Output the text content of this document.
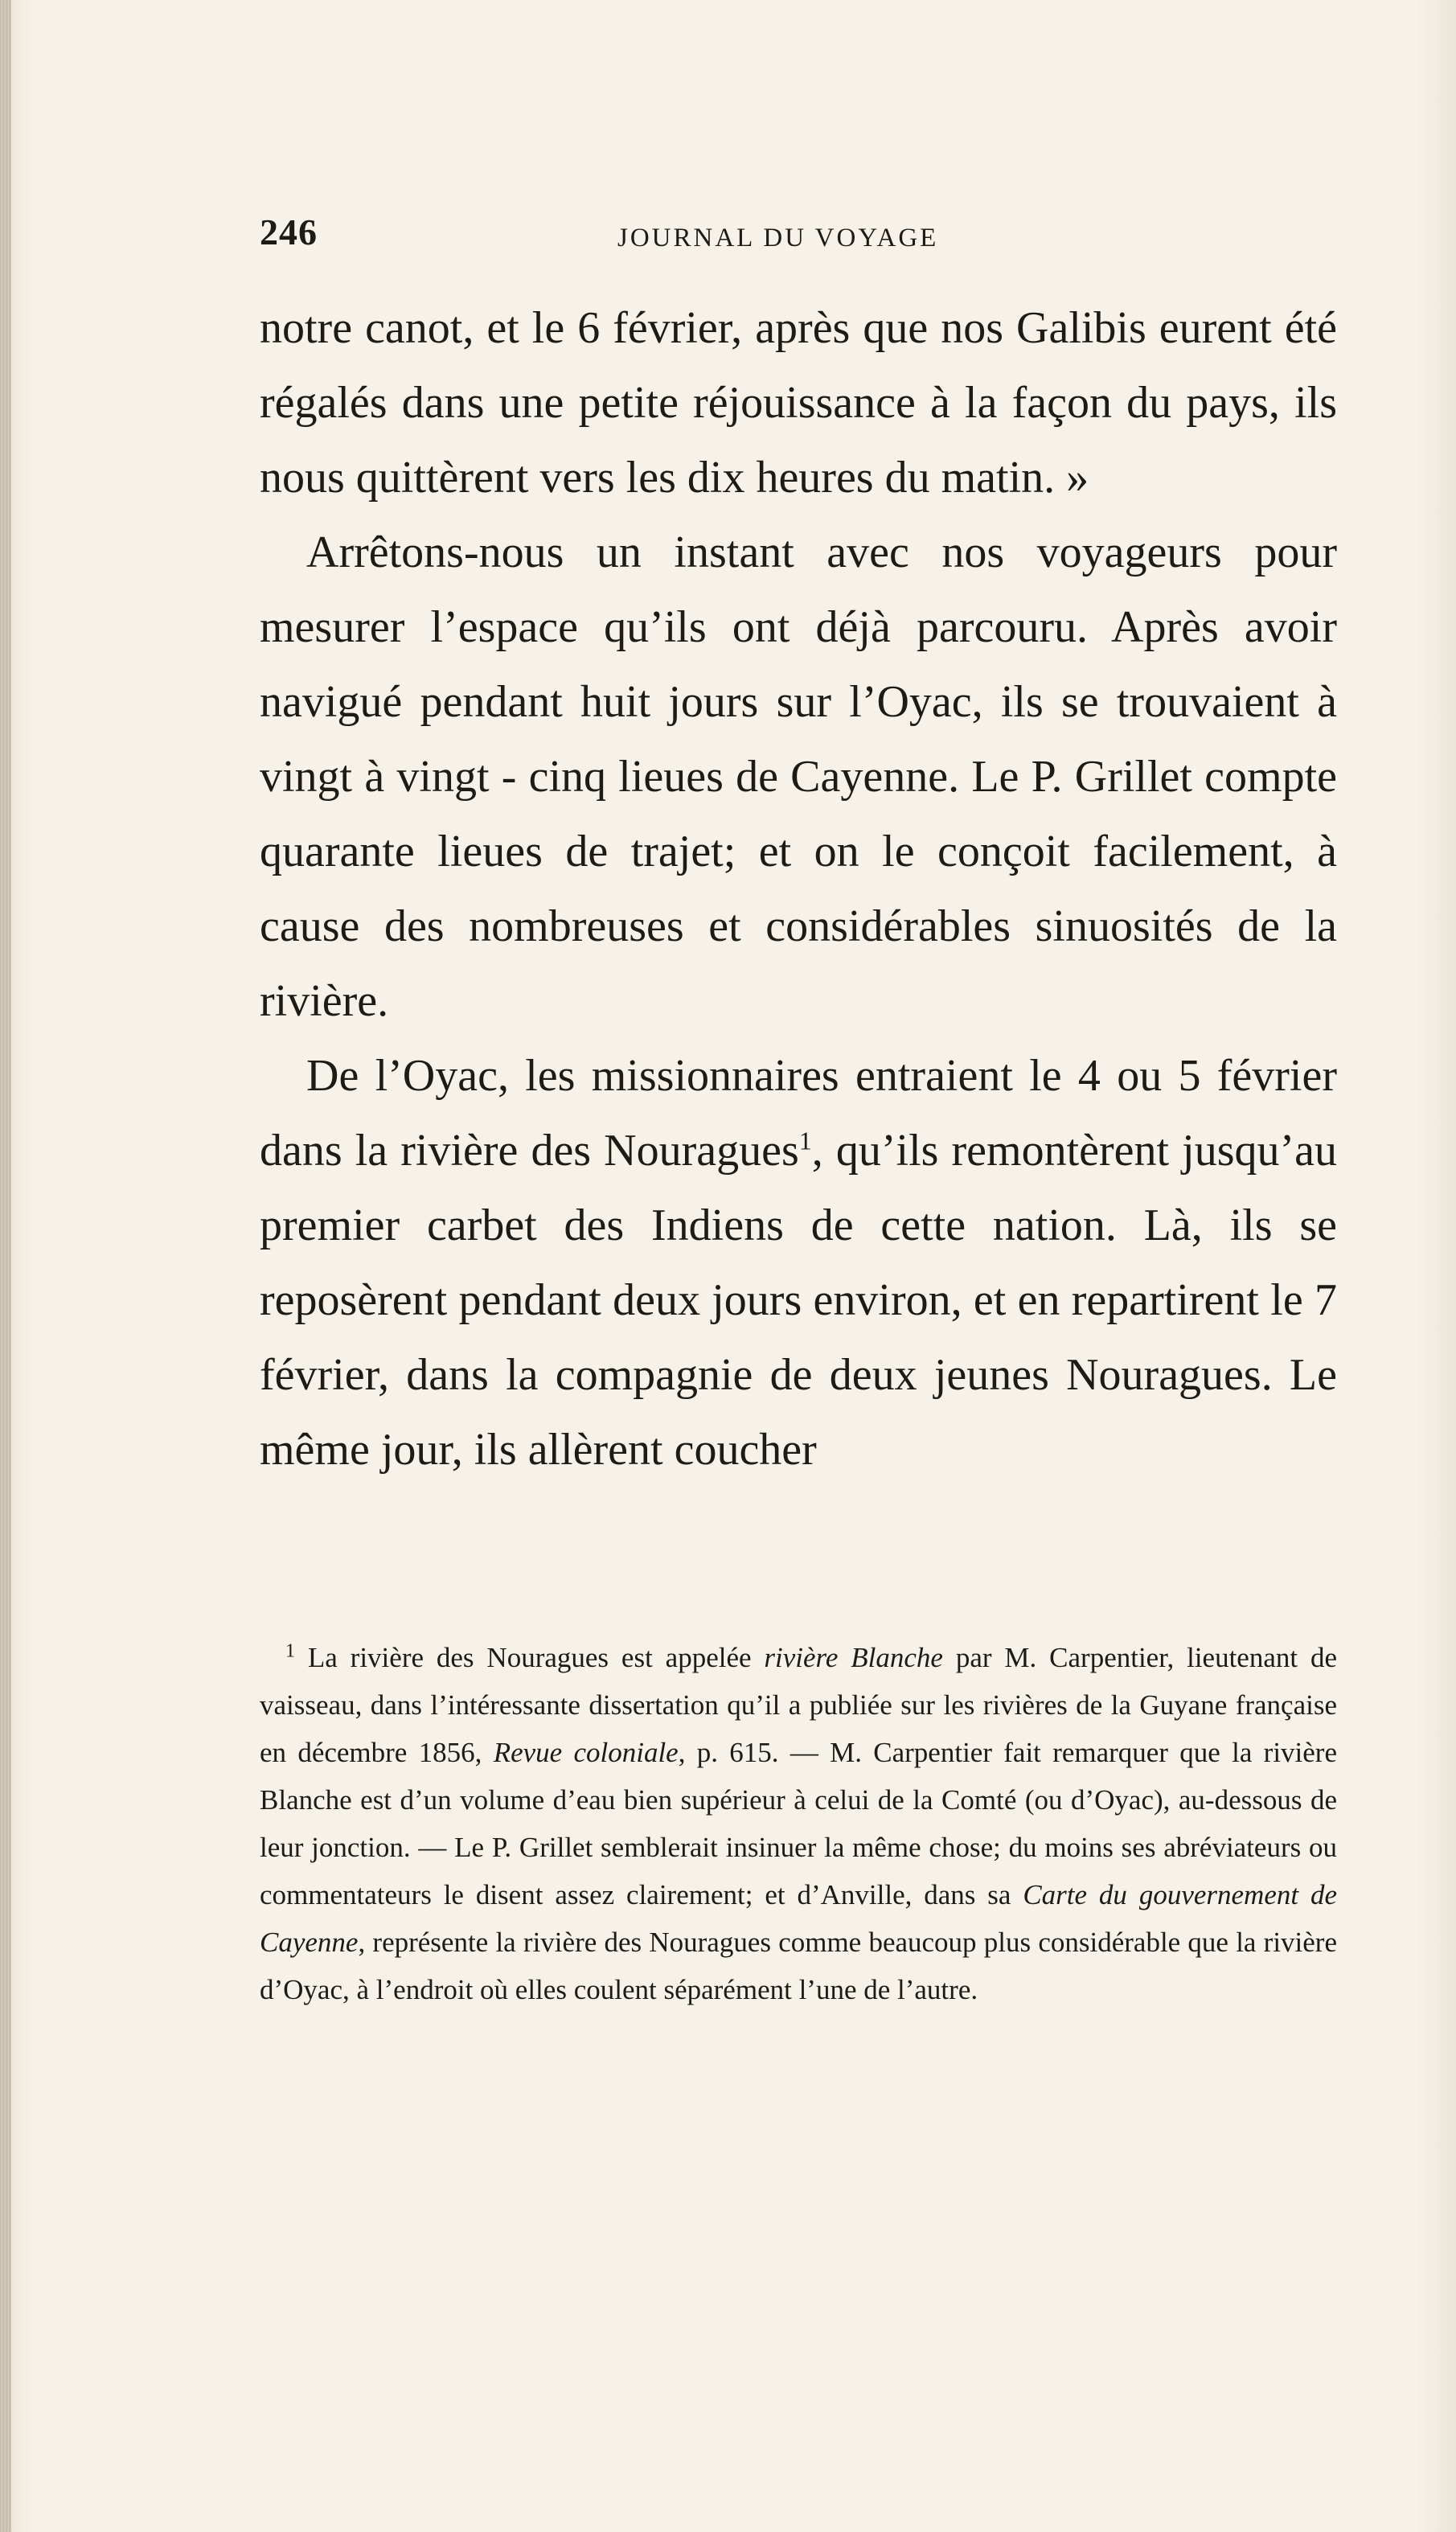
246	JOURNAL DU VOYAGE

notre canot, et le 6 février, après que nos Galibis eurent été régalés dans une petite réjouissance à la façon du pays, ils nous quittèrent vers les dix heures du matin. »

Arrêtons-nous un instant avec nos voyageurs pour mesurer l’espace qu’ils ont déjà parcouru. Après avoir navigué pendant huit jours sur l’Oyac, ils se trouvaient à vingt à vingt - cinq lieues de Cayenne. Le P. Grillet compte quarante lieues de trajet; et on le conçoit facilement, à cause des nombreuses et considérables sinuosités de la rivière.

De l’Oyac, les missionnaires entraient le 4 ou 5 février dans la rivière des Nouragues$^1$, qu’ils remontèrent jusqu’au premier carbet des Indiens de cette nation. Là, ils se reposèrent pendant deux jours environ, et en repartirent le 7 février, dans la compagnie de deux jeunes Nouragues. Le même jour, ils allèrent coucher

$^1$ La rivière des Nouragues est appelée rivière Blanche par M. Carpentier, lieutenant de vaisseau, dans l’intéressante dissertation qu’il a publiée sur les rivières de la Guyane française en décembre 1856, Revue coloniale, p. 615. — M. Carpentier fait remarquer que la rivière Blanche est d’un volume d’eau bien supérieur à celui de la Comté (ou d’Oyac), au-dessous de leur jonction. — Le P. Grillet semblerait insinuer la même chose; du moins ses abréviateurs ou commentateurs le disent assez clairement; et d’Anville, dans sa Carte du gouvernement de Cayenne, représente la rivière des Nouragues comme beaucoup plus considérable que la rivière d’Oyac, à l’endroit où elles coulent séparément l’une de l’autre.
